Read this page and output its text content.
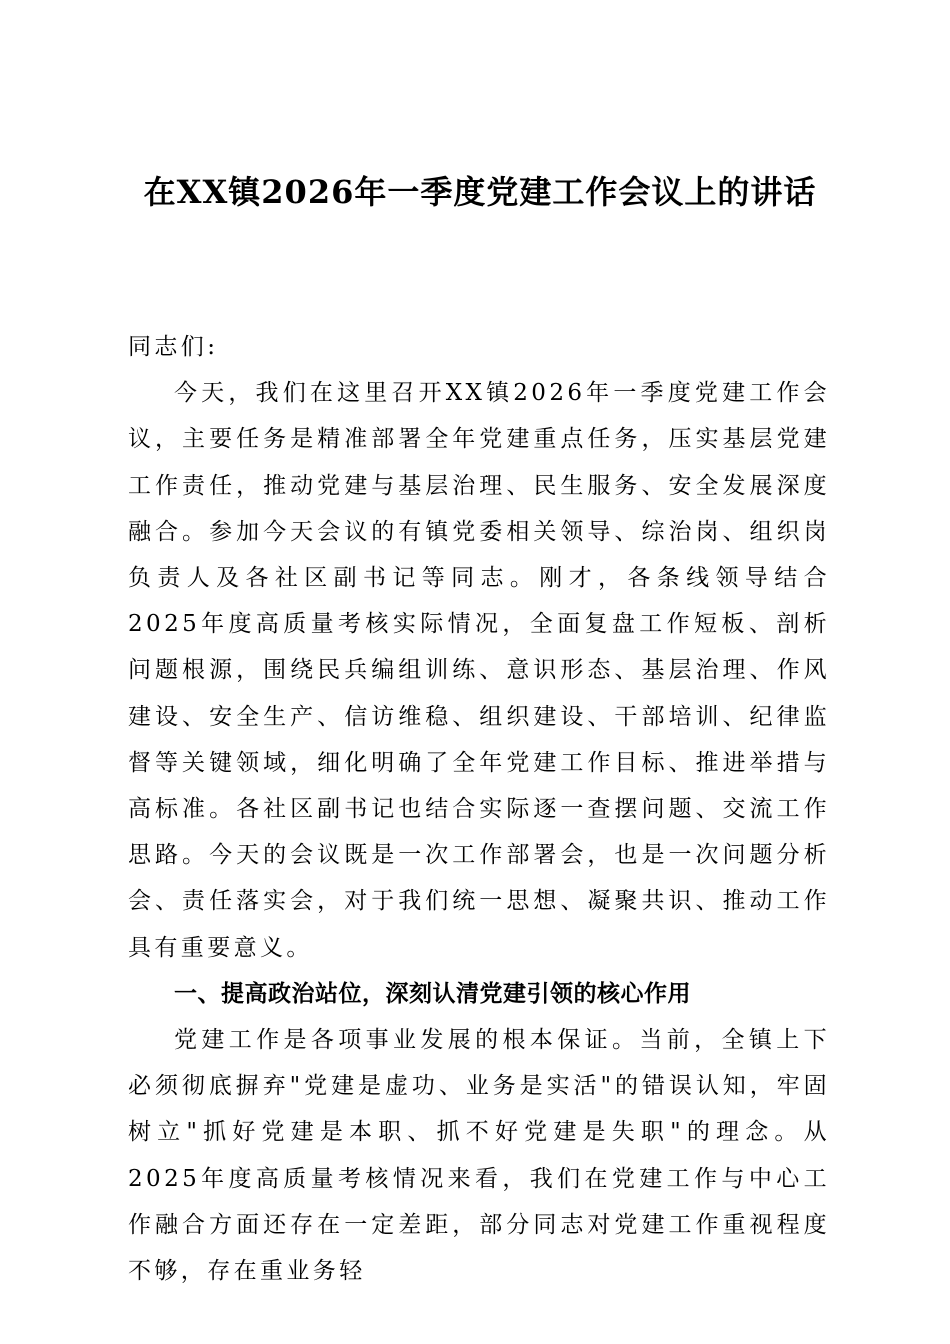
在XX镇2026年一季度党建工作会议上的讲话

同志们:

今天，我们在这里召开XX镇2026年一季度党建工作会议，主要任务是精准部署全年党建重点任务，压实基层党建工作责任，推动党建与基层治理、民生服务、安全发展深度融合。参加今天会议的有镇党委相关领导、综治岗、组织岗负责人及各社区副书记等同志。刚才，各条线领导结合2025年度高质量考核实际情况，全面复盘工作短板、剖析问题根源，围绕民兵编组训练、意识形态、基层治理、作风建设、安全生产、信访维稳、组织建设、干部培训、纪律监督等关键领域，细化明确了全年党建工作目标、推进举措与高标准。各社区副书记也结合实际逐一查摆问题、交流工作思路。今天的会议既是一次工作部署会，也是一次问题分析会、责任落实会，对于我们统一思想、凝聚共识、推动工作具有重要意义。

一、提高政治站位，深刻认清党建引领的核心作用

党建工作是各项事业发展的根本保证。当前，全镇上下必须彻底摒弃"党建是虚功、业务是实活"的错误认知，牢固树立"抓好党建是本职、抓不好党建是失职"的理念。从2025年度高质量考核情况来看，我们在党建工作与中心工作融合方面还存在一定差距，部分同志对党建工作重视程度不够，存在重业务轻
